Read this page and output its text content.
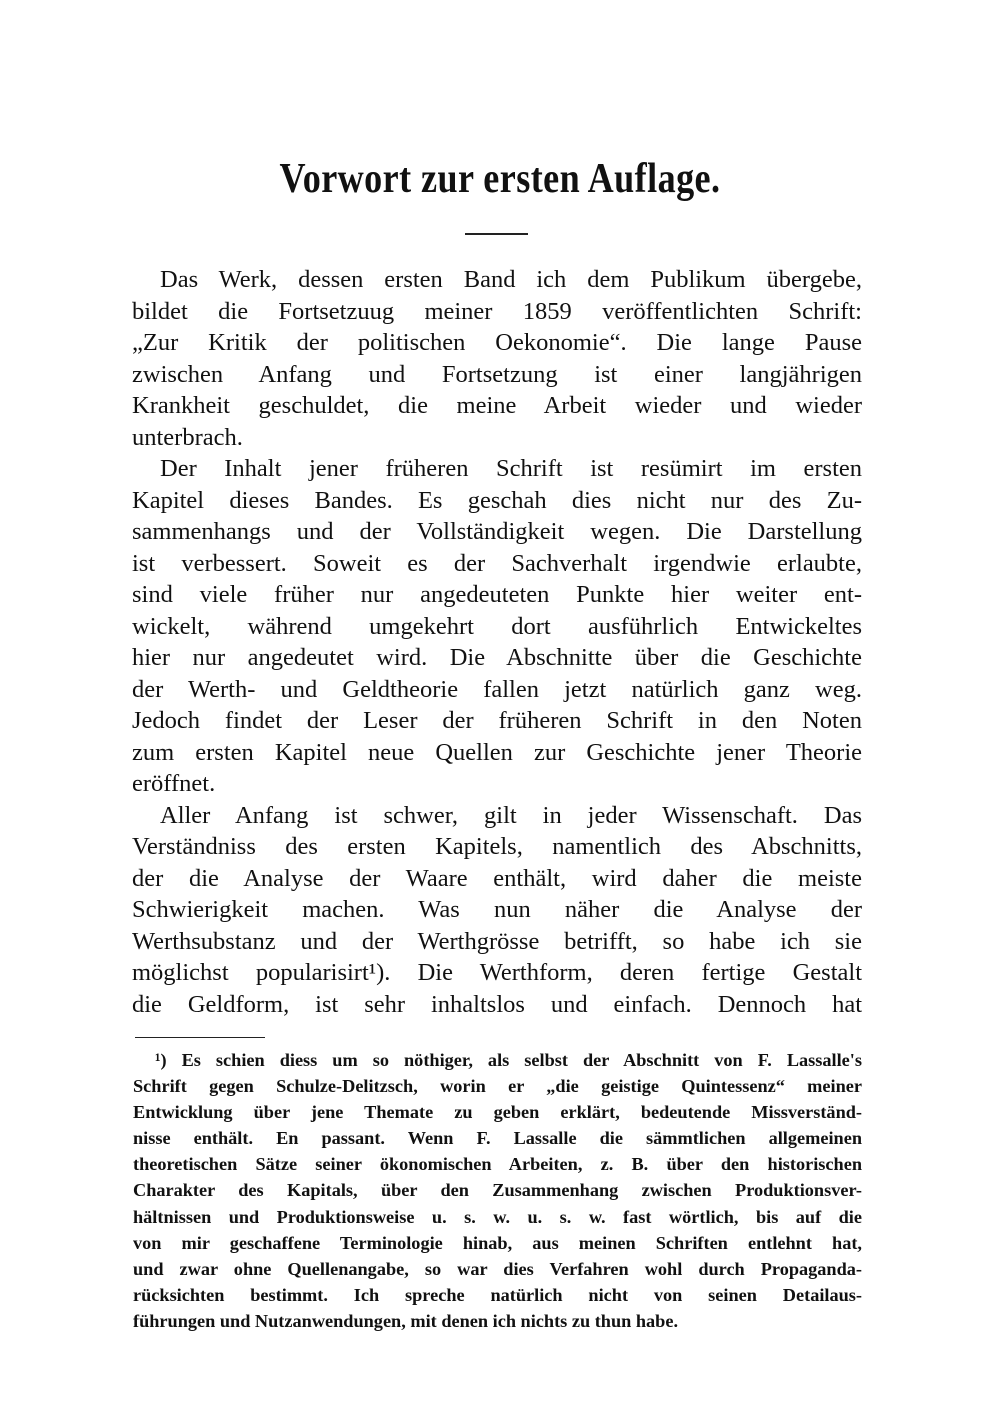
Vorwort zur ersten Auflage.
Das Werk, dessen ersten Band ich dem Publikum übergebe,
bildet die Fortsetzuug meiner 1859 veröffentlichten Schrift:
„Zur Kritik der politischen Oekonomie“. Die lange Pause
zwischen Anfang und Fortsetzung ist einer langjährigen
Krankheit geschuldet, die meine Arbeit wieder und wieder
unterbrach.
Der Inhalt jener früheren Schrift ist resümirt im ersten
Kapitel dieses Bandes. Es geschah dies nicht nur des Zu-
sammenhangs und der Vollständigkeit wegen. Die Darstellung
ist verbessert. Soweit es der Sachverhalt irgendwie erlaubte,
sind viele früher nur angedeuteten Punkte hier weiter ent-
wickelt, während umgekehrt dort ausführlich Entwickeltes
hier nur angedeutet wird. Die Abschnitte über die Geschichte
der Werth- und Geldtheorie fallen jetzt natürlich ganz weg.
Jedoch findet der Leser der früheren Schrift in den Noten
zum ersten Kapitel neue Quellen zur Geschichte jener Theorie
eröffnet.
Aller Anfang ist schwer, gilt in jeder Wissenschaft. Das
Verständniss des ersten Kapitels, namentlich des Abschnitts,
der die Analyse der Waare enthält, wird daher die meiste
Schwierigkeit machen. Was nun näher die Analyse der
Werthsubstanz und der Werthgrösse betrifft, so habe ich sie
möglichst popularisirt¹). Die Werthform, deren fertige Gestalt
die Geldform, ist sehr inhaltslos und einfach. Dennoch hat
¹) Es schien diess um so nöthiger, als selbst der Abschnitt von F. Lassalle's
Schrift gegen Schulze-Delitzsch, worin er „die geistige Quintessenz“ meiner
Entwicklung über jene Themate zu geben erklärt, bedeutende Missverständ-
nisse enthält. En passant. Wenn F. Lassalle die sämmtlichen allgemeinen
theoretischen Sätze seiner ökonomischen Arbeiten, z. B. über den historischen
Charakter des Kapitals, über den Zusammenhang zwischen Produktionsver-
hältnissen und Produktionsweise u. s. w. u. s. w. fast wörtlich, bis auf die
von mir geschaffene Terminologie hinab, aus meinen Schriften entlehnt hat,
und zwar ohne Quellenangabe, so war dies Verfahren wohl durch Propaganda-
rücksichten bestimmt. Ich spreche natürlich nicht von seinen Detailaus-
führungen und Nutzanwendungen, mit denen ich nichts zu thun habe.
